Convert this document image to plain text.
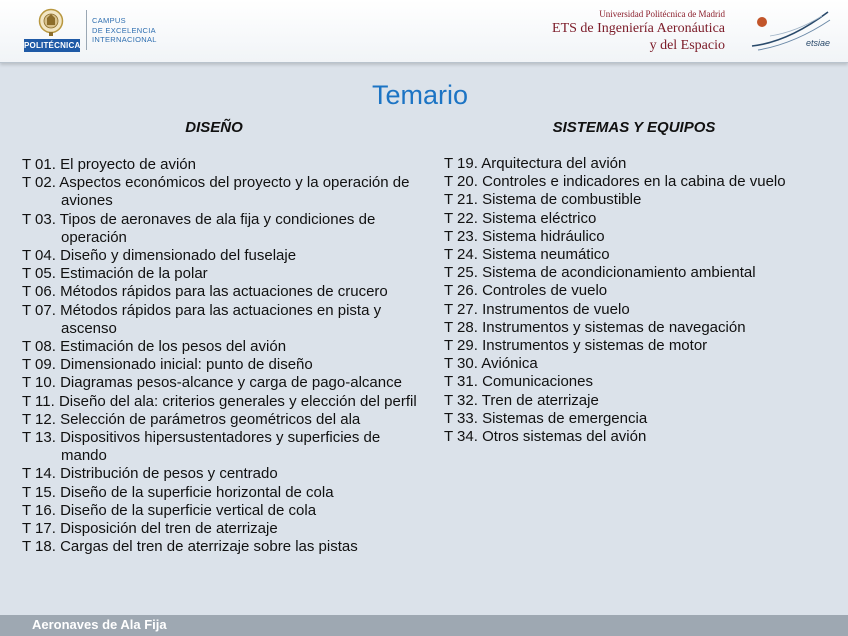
POLITÉCNICA
CAMPUS
DE EXCELENCIA
INTERNACIONAL
Universidad Politécnica de Madrid
ETS de Ingeniería Aeronáutica
y del Espacio	etsiae
Temario
DISEÑO	SISTEMAS Y EQUIPOS
T 01. El proyecto de avión
T 02. Aspectos económicos del proyecto y la operación de aviones
T 03. Tipos de aeronaves de ala fija y condiciones de operación
T 04. Diseño y dimensionado del fuselaje
T 05. Estimación de la polar
T 06. Métodos rápidos para las actuaciones de crucero
T 07. Métodos rápidos para las actuaciones en pista y ascenso
T 08. Estimación de los pesos del avión
T 09. Dimensionado inicial: punto de diseño
T 10. Diagramas pesos-alcance y carga de pago-alcance
T 11. Diseño del ala: criterios generales y elección del perfil
T 12. Selección de parámetros geométricos del ala
T 13. Dispositivos hipersustentadores y superficies de mando
T 14. Distribución de pesos y centrado
T 15. Diseño de la superficie horizontal de cola
T 16. Diseño de la superficie vertical de cola
T 17. Disposición del tren de aterrizaje
T 18. Cargas del tren de aterrizaje sobre las pistas
T 19. Arquitectura del avión
T 20. Controles e indicadores en la cabina de vuelo
T 21. Sistema de combustible
T 22. Sistema eléctrico
T 23. Sistema hidráulico
T 24. Sistema neumático
T 25. Sistema de acondicionamiento ambiental
T 26. Controles de vuelo
T 27. Instrumentos de vuelo
T 28. Instrumentos y sistemas de navegación
T 29. Instrumentos y sistemas de motor
T 30. Aviónica
T 31. Comunicaciones
T 32. Tren de aterrizaje
T 33. Sistemas de emergencia
T 34. Otros sistemas del avión
Aeronaves de Ala Fija
